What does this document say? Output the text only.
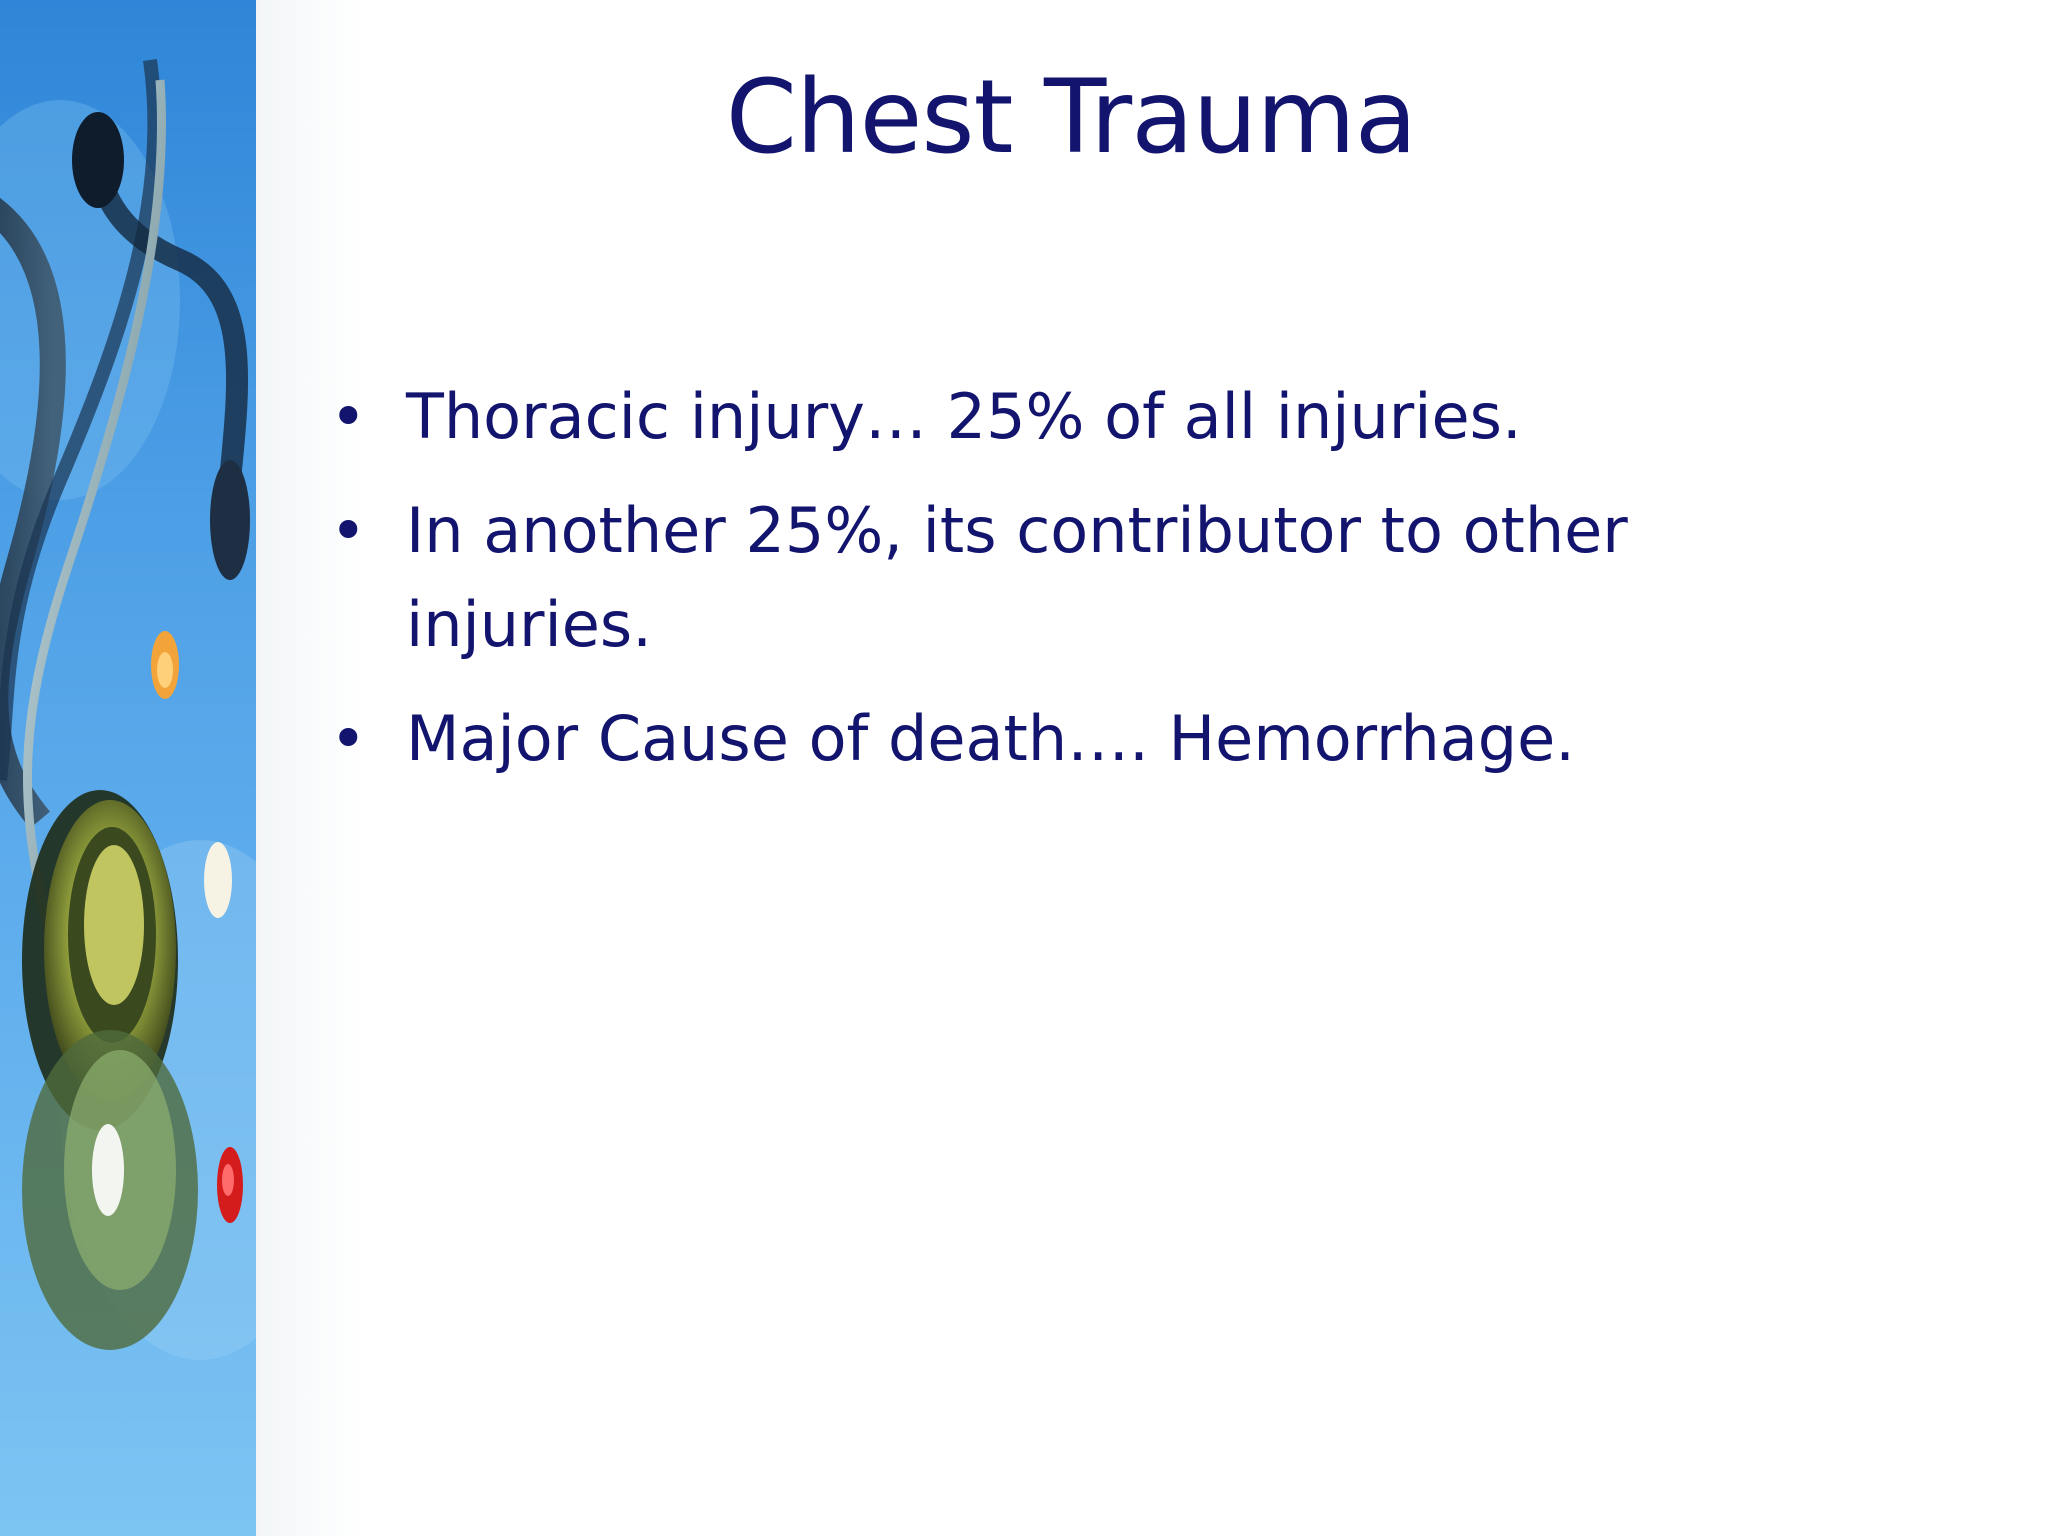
Chest Trauma
• Thoracic injury… 25% of all injuries.
• In another 25%, its contributor to other injuries.
• Major Cause of death…. Hemorrhage.
